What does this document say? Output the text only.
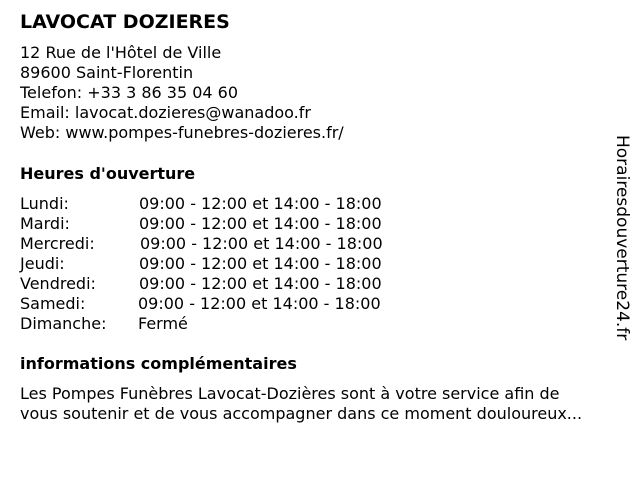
LAVOCAT DOZIERES
12 Rue de l'Hôtel de Ville
89600 Saint-Florentin
Telefon: +33 3 86 35 04 60
Email: lavocat.dozieres@wanadoo.fr
Web: www.pompes-funebres-dozieres.fr/
Heures d'ouverture
Lundi:	09:00 - 12:00 et 14:00 - 18:00
Mardi:	09:00 - 12:00 et 14:00 - 18:00
Mercredi:	09:00 - 12:00 et 14:00 - 18:00
Jeudi:	09:00 - 12:00 et 14:00 - 18:00
Vendredi:	09:00 - 12:00 et 14:00 - 18:00
Samedi:	09:00 - 12:00 et 14:00 - 18:00
Dimanche: Fermé
informations complémentaires
Les Pompes Funèbres Lavocat-Dozières sont à votre service afin de
vous soutenir et de vous accompagner dans ce moment douloureux...
Horairesdouverture24.fr
